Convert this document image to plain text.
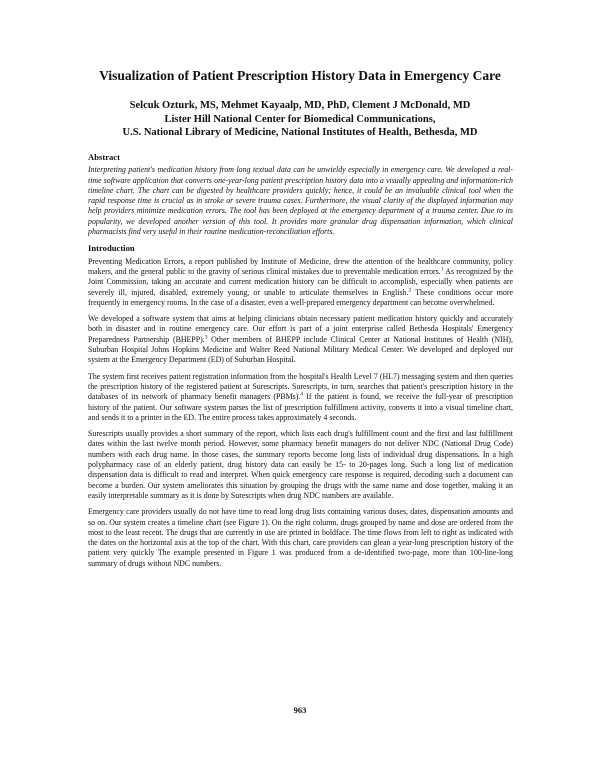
Visualization of Patient Prescription History Data in Emergency Care
Selcuk Ozturk, MS, Mehmet Kayaalp, MD, PhD, Clement J McDonald, MD
Lister Hill National Center for Biomedical Communications,
U.S. National Library of Medicine, National Institutes of Health, Bethesda, MD
Abstract
Interpreting patient's medication history from long textual data can be unwieldy especially in emergency care. We developed a real-time software application that converts one-year-long patient prescription history data into a visually appealing and information-rich timeline chart. The chart can be digested by healthcare providers quickly; hence, it could be an invaluable clinical tool when the rapid response time is crucial as in stroke or severe trauma cases. Furthermore, the visual clarity of the displayed information may help providers minimize medication errors. The tool has been deployed at the emergency department of a trauma center. Due to its popularity, we developed another version of this tool. It provides more granular drug dispensation information, which clinical pharmacists find very useful in their routine medication-reconciliation efforts.
Introduction

Preventing Medication Errors, a report published by Institute of Medicine, drew the attention of the healthcare community, policy makers, and the general public to the gravity of serious clinical mistakes due to preventable medication errors.$^1$ As recognized by the Joint Commission, taking an accurate and current medication history can be difficult to accomplish, especially when patients are severely ill, injured, disabled, extremely young, or unable to articulate themselves in English.$^2$ These conditions occur more frequently in emergency rooms. In the case of a disaster, even a well-prepared emergency department can become overwhelmed.

We developed a software system that aims at helping clinicians obtain necessary patient medication history quickly and accurately both in disaster and in routine emergency care. Our effort is part of a joint enterprise called Bethesda Hospitals' Emergency Preparedness Partnership (BHEPP).$^3$ Other members of BHEPP include Clinical Center at National Institutes of Health (NIH), Suburban Hospital Johns Hopkins Medicine and Walter Reed National Military Medical Center. We developed and deployed our system at the Emergency Department (ED) of Suburban Hospital.

The system first receives patient registration information from the hospital's Health Level 7 (HL7) messaging system and then queries the prescription history of the registered patient at Surescripts. Surescripts, in turn, searches that patient's prescription history in the databases of its network of pharmacy benefit managers (PBMs).$^4$ If the patient is found, we receive the full-year of prescription history of the patient. Our software system parses the list of prescription fulfillment activity, converts it into a visual timeline chart, and sends it to a printer in the ED. The entire process takes approximately 4 seconds.

Surescripts usually provides a short summary of the report, which lists each drug's fulfillment count and the first and last fulfillment dates within the last twelve month period. However, some pharmacy benefit managers do not deliver NDC (National Drug Code) numbers with each drug name. In those cases, the summary reports become long lists of individual drug dispensations. In a high polypharmacy case of an elderly patient, drug history data can easily be 15- to 20-pages long. Such a long list of medication dispensation data is difficult to read and interpret. When quick emergency care response is required, decoding such a document can become a burden. Our system ameliorates this situation by grouping the drugs with the same name and dose together, making it an easily interpretable summary as it is done by Surescripts when drug NDC numbers are available.

Emergency care providers usually do not have time to read long drug lists containing various doses, dates, dispensation amounts and so on. Our system creates a timeline chart (see Figure 1). On the right column, drugs grouped by name and dose are ordered from the most to the least recent. The drugs that are currently in use are printed in boldface. The time flows from left to right as indicated with the dates on the horizontal axis at the top of the chart. With this chart, care providers can glean a year-long prescription history of the patient very quickly The example presented in Figure 1 was produced from a de-identified two-page, more than 100-line-long summary of drugs without NDC numbers.

963
